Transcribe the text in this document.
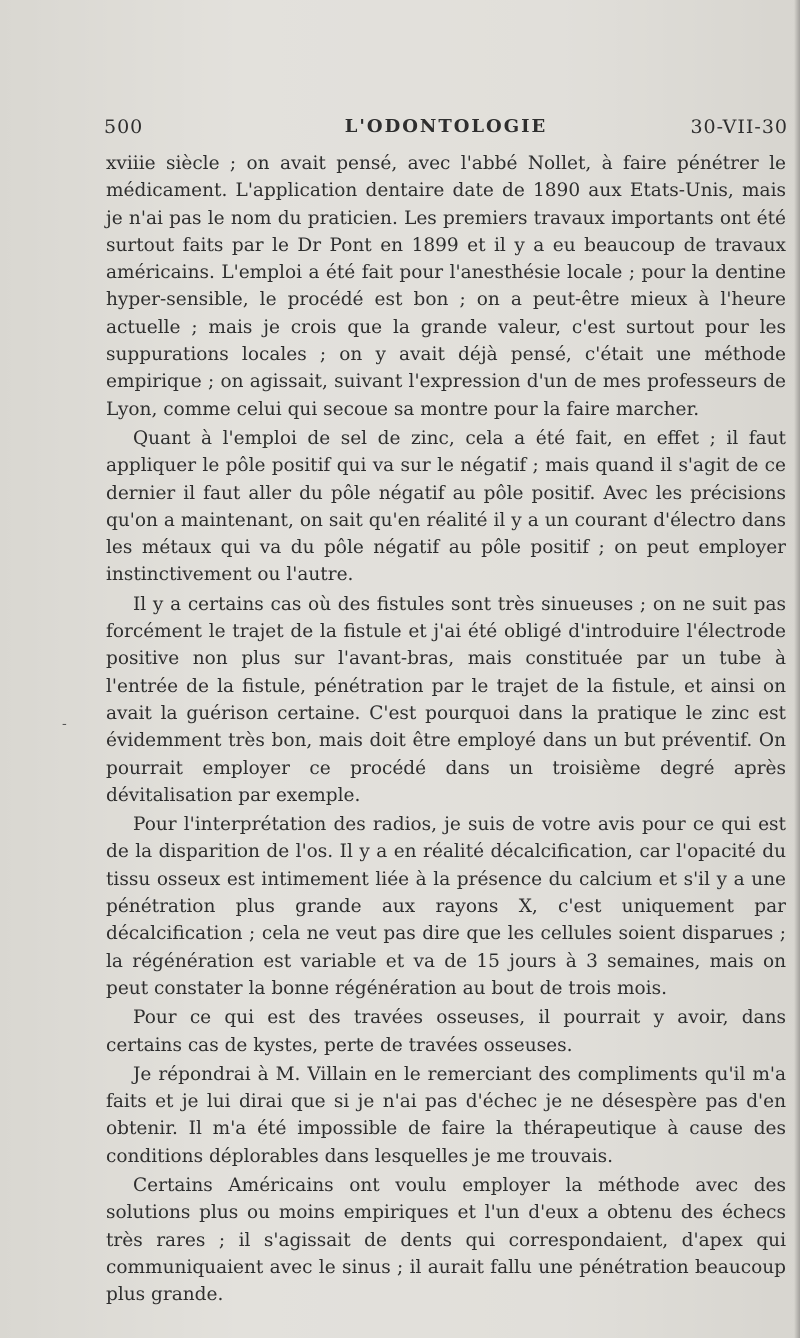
500	L'ODONTOLOGIE	30-VII-30

xviiie siècle ; on avait pensé, avec l'abbé Nollet, à faire pénétrer le médicament. L'application dentaire date de 1890 aux Etats-Unis, mais je n'ai pas le nom du praticien. Les premiers travaux importants ont été surtout faits par le Dr Pont en 1899 et il y a eu beaucoup de travaux américains. L'emploi a été fait pour l'anesthésie locale ; pour la dentine hyper-sensible, le procédé est bon ; on a peut-être mieux à l'heure actuelle ; mais je crois que la grande valeur, c'est surtout pour les suppurations locales ; on y avait déjà pensé, c'était une méthode empirique ; on agissait, suivant l'expression d'un de mes professeurs de Lyon, comme celui qui secoue sa montre pour la faire marcher.

Quant à l'emploi de sel de zinc, cela a été fait, en effet ; il faut appliquer le pôle positif qui va sur le négatif ; mais quand il s'agit de ce dernier il faut aller du pôle négatif au pôle positif. Avec les précisions qu'on a maintenant, on sait qu'en réalité il y a un courant d'électro dans les métaux qui va du pôle négatif au pôle positif ; on peut employer instinctivement ou l'autre.

Il y a certains cas où des fistules sont très sinueuses ; on ne suit pas forcément le trajet de la fistule et j'ai été obligé d'introduire l'électrode positive non plus sur l'avant-bras, mais constituée par un tube à l'entrée de la fistule, pénétration par le trajet de la fistule, et ainsi on avait la guérison certaine. C'est pourquoi dans la pratique le zinc est évidemment très bon, mais doit être employé dans un but préventif. On pourrait employer ce procédé dans un troisième degré après dévitalisation par exemple.

Pour l'interprétation des radios, je suis de votre avis pour ce qui est de la disparition de l'os. Il y a en réalité décalcification, car l'opacité du tissu osseux est intimement liée à la présence du calcium et s'il y a une pénétration plus grande aux rayons X, c'est uniquement par décalcification ; cela ne veut pas dire que les cellules soient disparues ; la régénération est variable et va de 15 jours à 3 semaines, mais on peut constater la bonne régénération au bout de trois mois.

Pour ce qui est des travées osseuses, il pourrait y avoir, dans certains cas de kystes, perte de travées osseuses.

Je répondrai à M. Villain en le remerciant des compliments qu'il m'a faits et je lui dirai que si je n'ai pas d'échec je ne désespère pas d'en obtenir. Il m'a été impossible de faire la thérapeutique à cause des conditions déplorables dans lesquelles je me trouvais.

Certains Américains ont voulu employer la méthode avec des solutions plus ou moins empiriques et l'un d'eux a obtenu des échecs très rares ; il s'agissait de dents qui correspondaient, d'apex qui communiquaient avec le sinus ; il aurait fallu une pénétration beaucoup plus grande.

-
